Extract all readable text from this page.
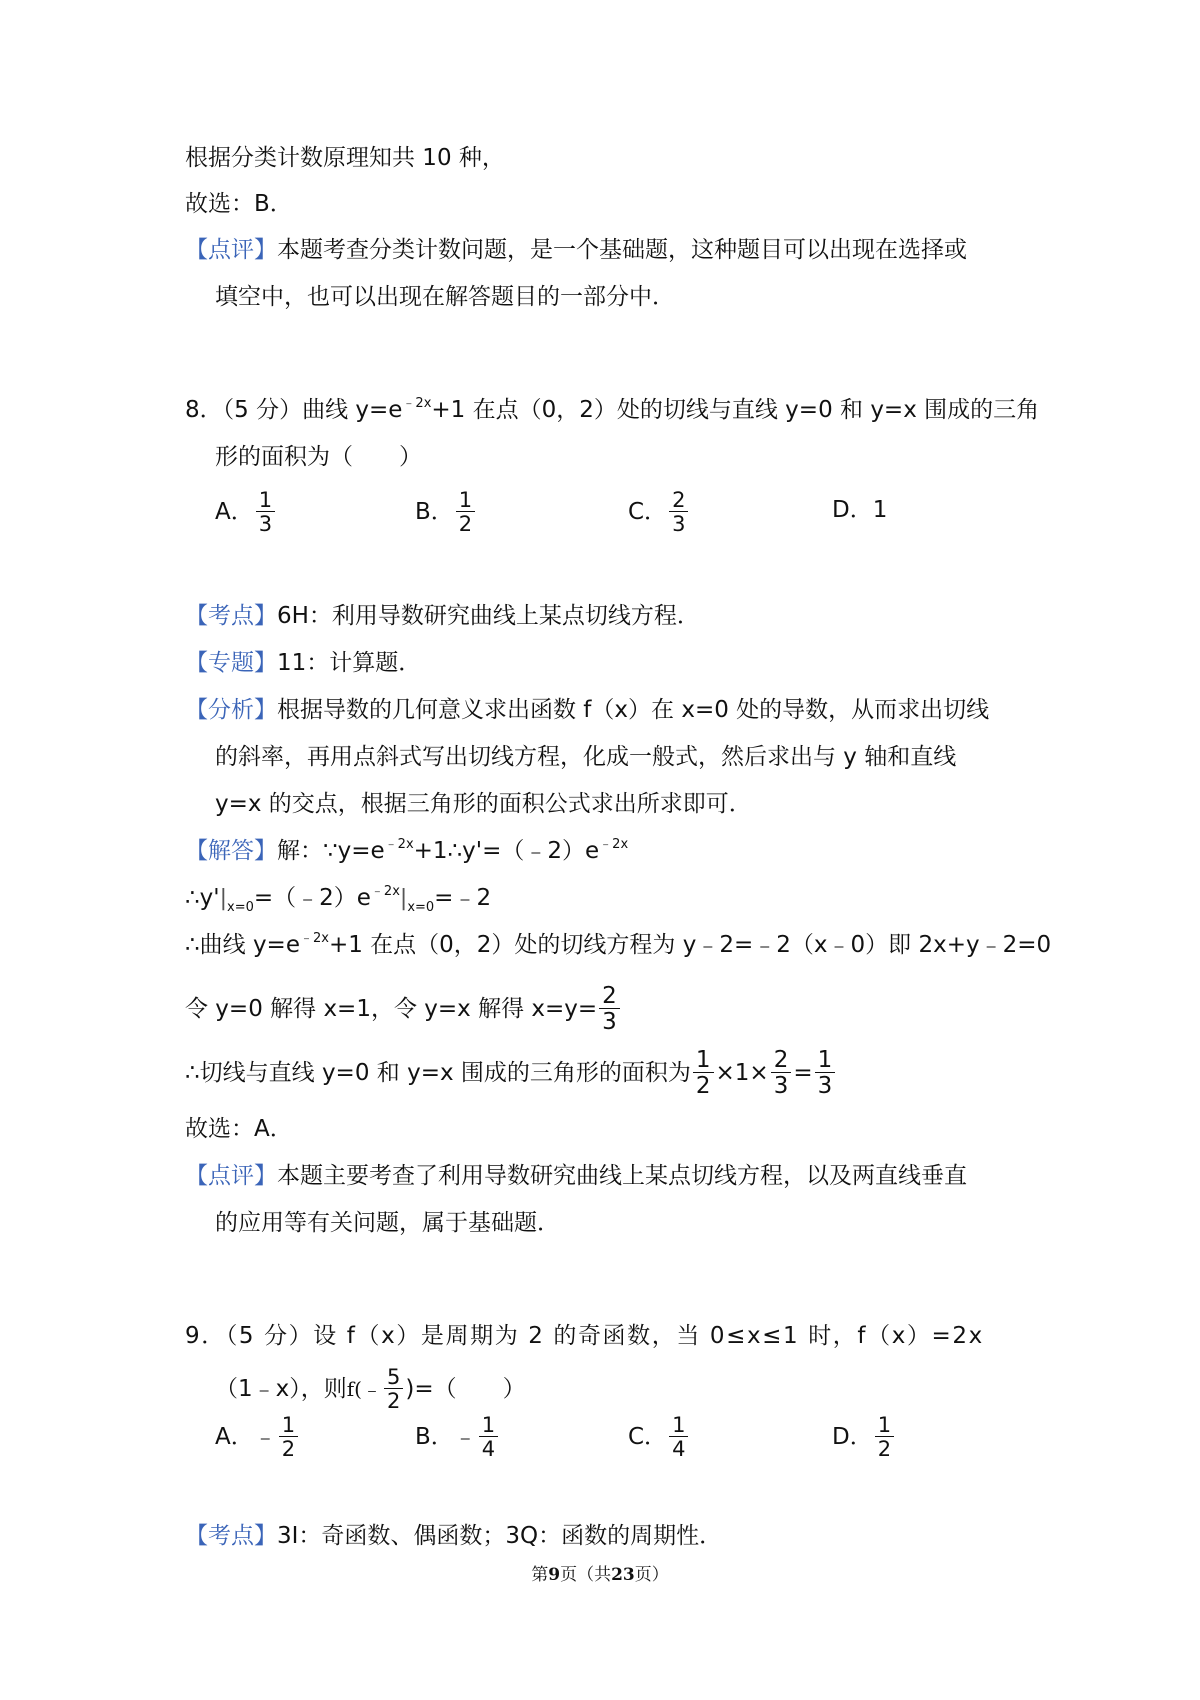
根据分类计数原理知共 10 种，
故选：B．
【点评】本题考查分类计数问题，是一个基础题，这种题目可以出现在选择或
填空中，也可以出现在解答题目的一部分中．
8．（5 分）曲线 $y=e^{﹣2x}+1$ 在点（0，2）处的切线与直线 y=0 和 y=x 围成的三角
形的面积为（　　）
A． $\frac{1}{3}$	B． $\frac{1}{2}$	C． $\frac{2}{3}$	D．1
【考点】6H：利用导数研究曲线上某点切线方程．
【专题】11：计算题．
【分析】根据导数的几何意义求出函数 f（x）在 x=0 处的导数，从而求出切线
的斜率，再用点斜式写出切线方程，化成一般式，然后求出与 y 轴和直线
y=x 的交点，根据三角形的面积公式求出所求即可．
【解答】解：$\because y=e^{﹣2x}+1\therefore y'=(﹣2)e^{﹣2x}$
$\therefore y'|_{x=0}=(﹣2)e^{﹣2x}|_{x=0}=﹣2$
∴曲线 $y=e^{﹣2x}+1$ 在点（0，2）处的切线方程为 y﹣2=﹣2（x﹣0）即 2x+y﹣2=0
令 y=0 解得 x=1，令 y=x 解得 $x=y= \frac{2}{3}$
∴切线与直线 y=0 和 y=x 围成的三角形的面积为 $\frac{1}{2} \times 1\times \frac{2}{3} = \frac{1}{3}$
故选：A．
【点评】本题主要考查了利用导数研究曲线上某点切线方程，以及两直线垂直
的应用等有关问题，属于基础题．
9．（5 分）设 f（x）是周期为 2 的奇函数，当 0≤x≤1 时，f（x）=2x
（1﹣x），则f(﹣ $\frac{5}{2}$ )=（　　）
A．﹣ $\frac{1}{2}$	B．﹣ $\frac{1}{4}$	C． $\frac{1}{4}$	D． $\frac{1}{2}$
【考点】3I：奇函数、偶函数；3Q：函数的周期性．
第9页（共23页）
